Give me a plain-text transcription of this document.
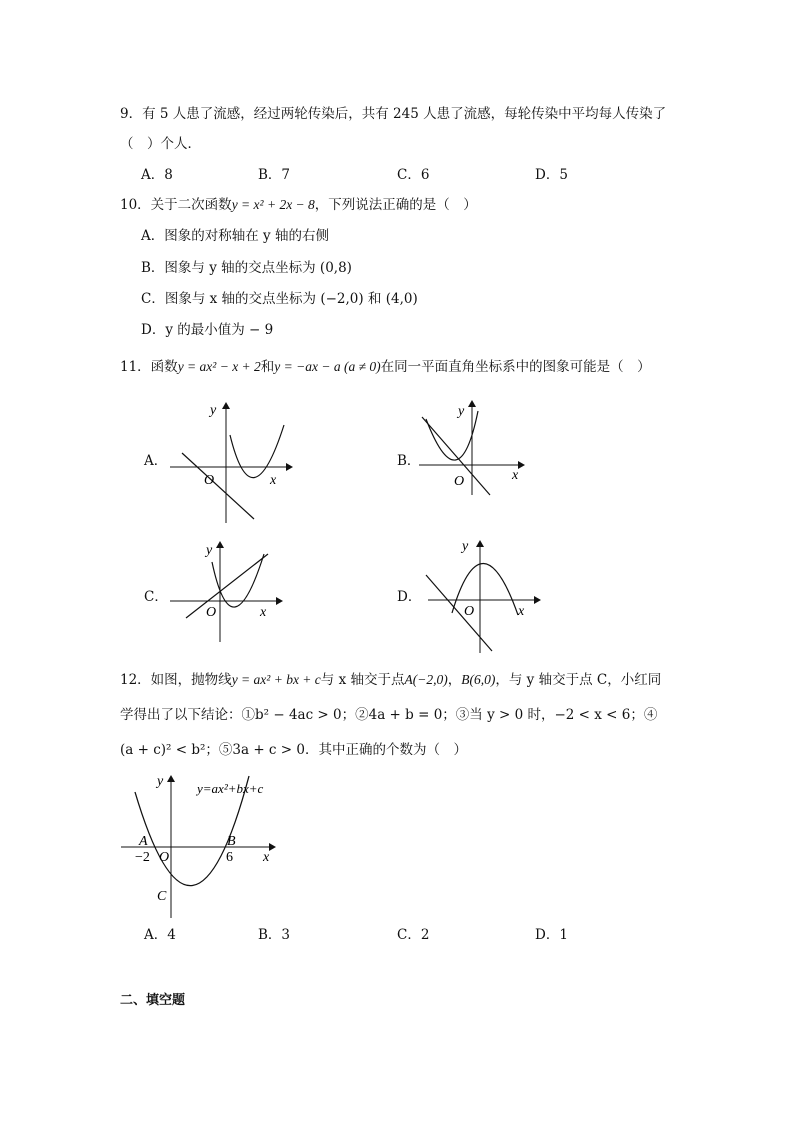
9．有 5 人患了流感，经过两轮传染后，共有 245 人患了流感，每轮传染中平均每人传染了
（　）个人．
A．8	B．7	C．6	D．5
10．关于二次函数y = x² + 2x − 8，下列说法正确的是（　）
A．图象的对称轴在 y 轴的右侧
B．图象与 y 轴的交点坐标为 (0,8)
C．图象与 x 轴的交点坐标为 (−2,0) 和 (4,0)
D．y 的最小值为 − 9
11．函数y = ax² − x + 2和y = −ax − a (a ≠ 0)在同一平面直角坐标系中的图象可能是（　）
A．
O	x
y
B．
O	x
y
C．
O	x
y
D．
O	x
y
12．如图，抛物线y = ax² + bx + c与 x 轴交于点A(−2,0)，B(6,0)，与 y 轴交于点 C，小红同
学得出了以下结论：①b² − 4ac > 0；②4a + b = 0；③当 y > 0 时，−2 < x < 6；④
(a + c)² < b²；⑤3a + c > 0．其中正确的个数为（　）
y=ax²+bx+c
y
x
A	B
C
−2 O	6
A．4	B．3	C．2	D．1
二、填空题
